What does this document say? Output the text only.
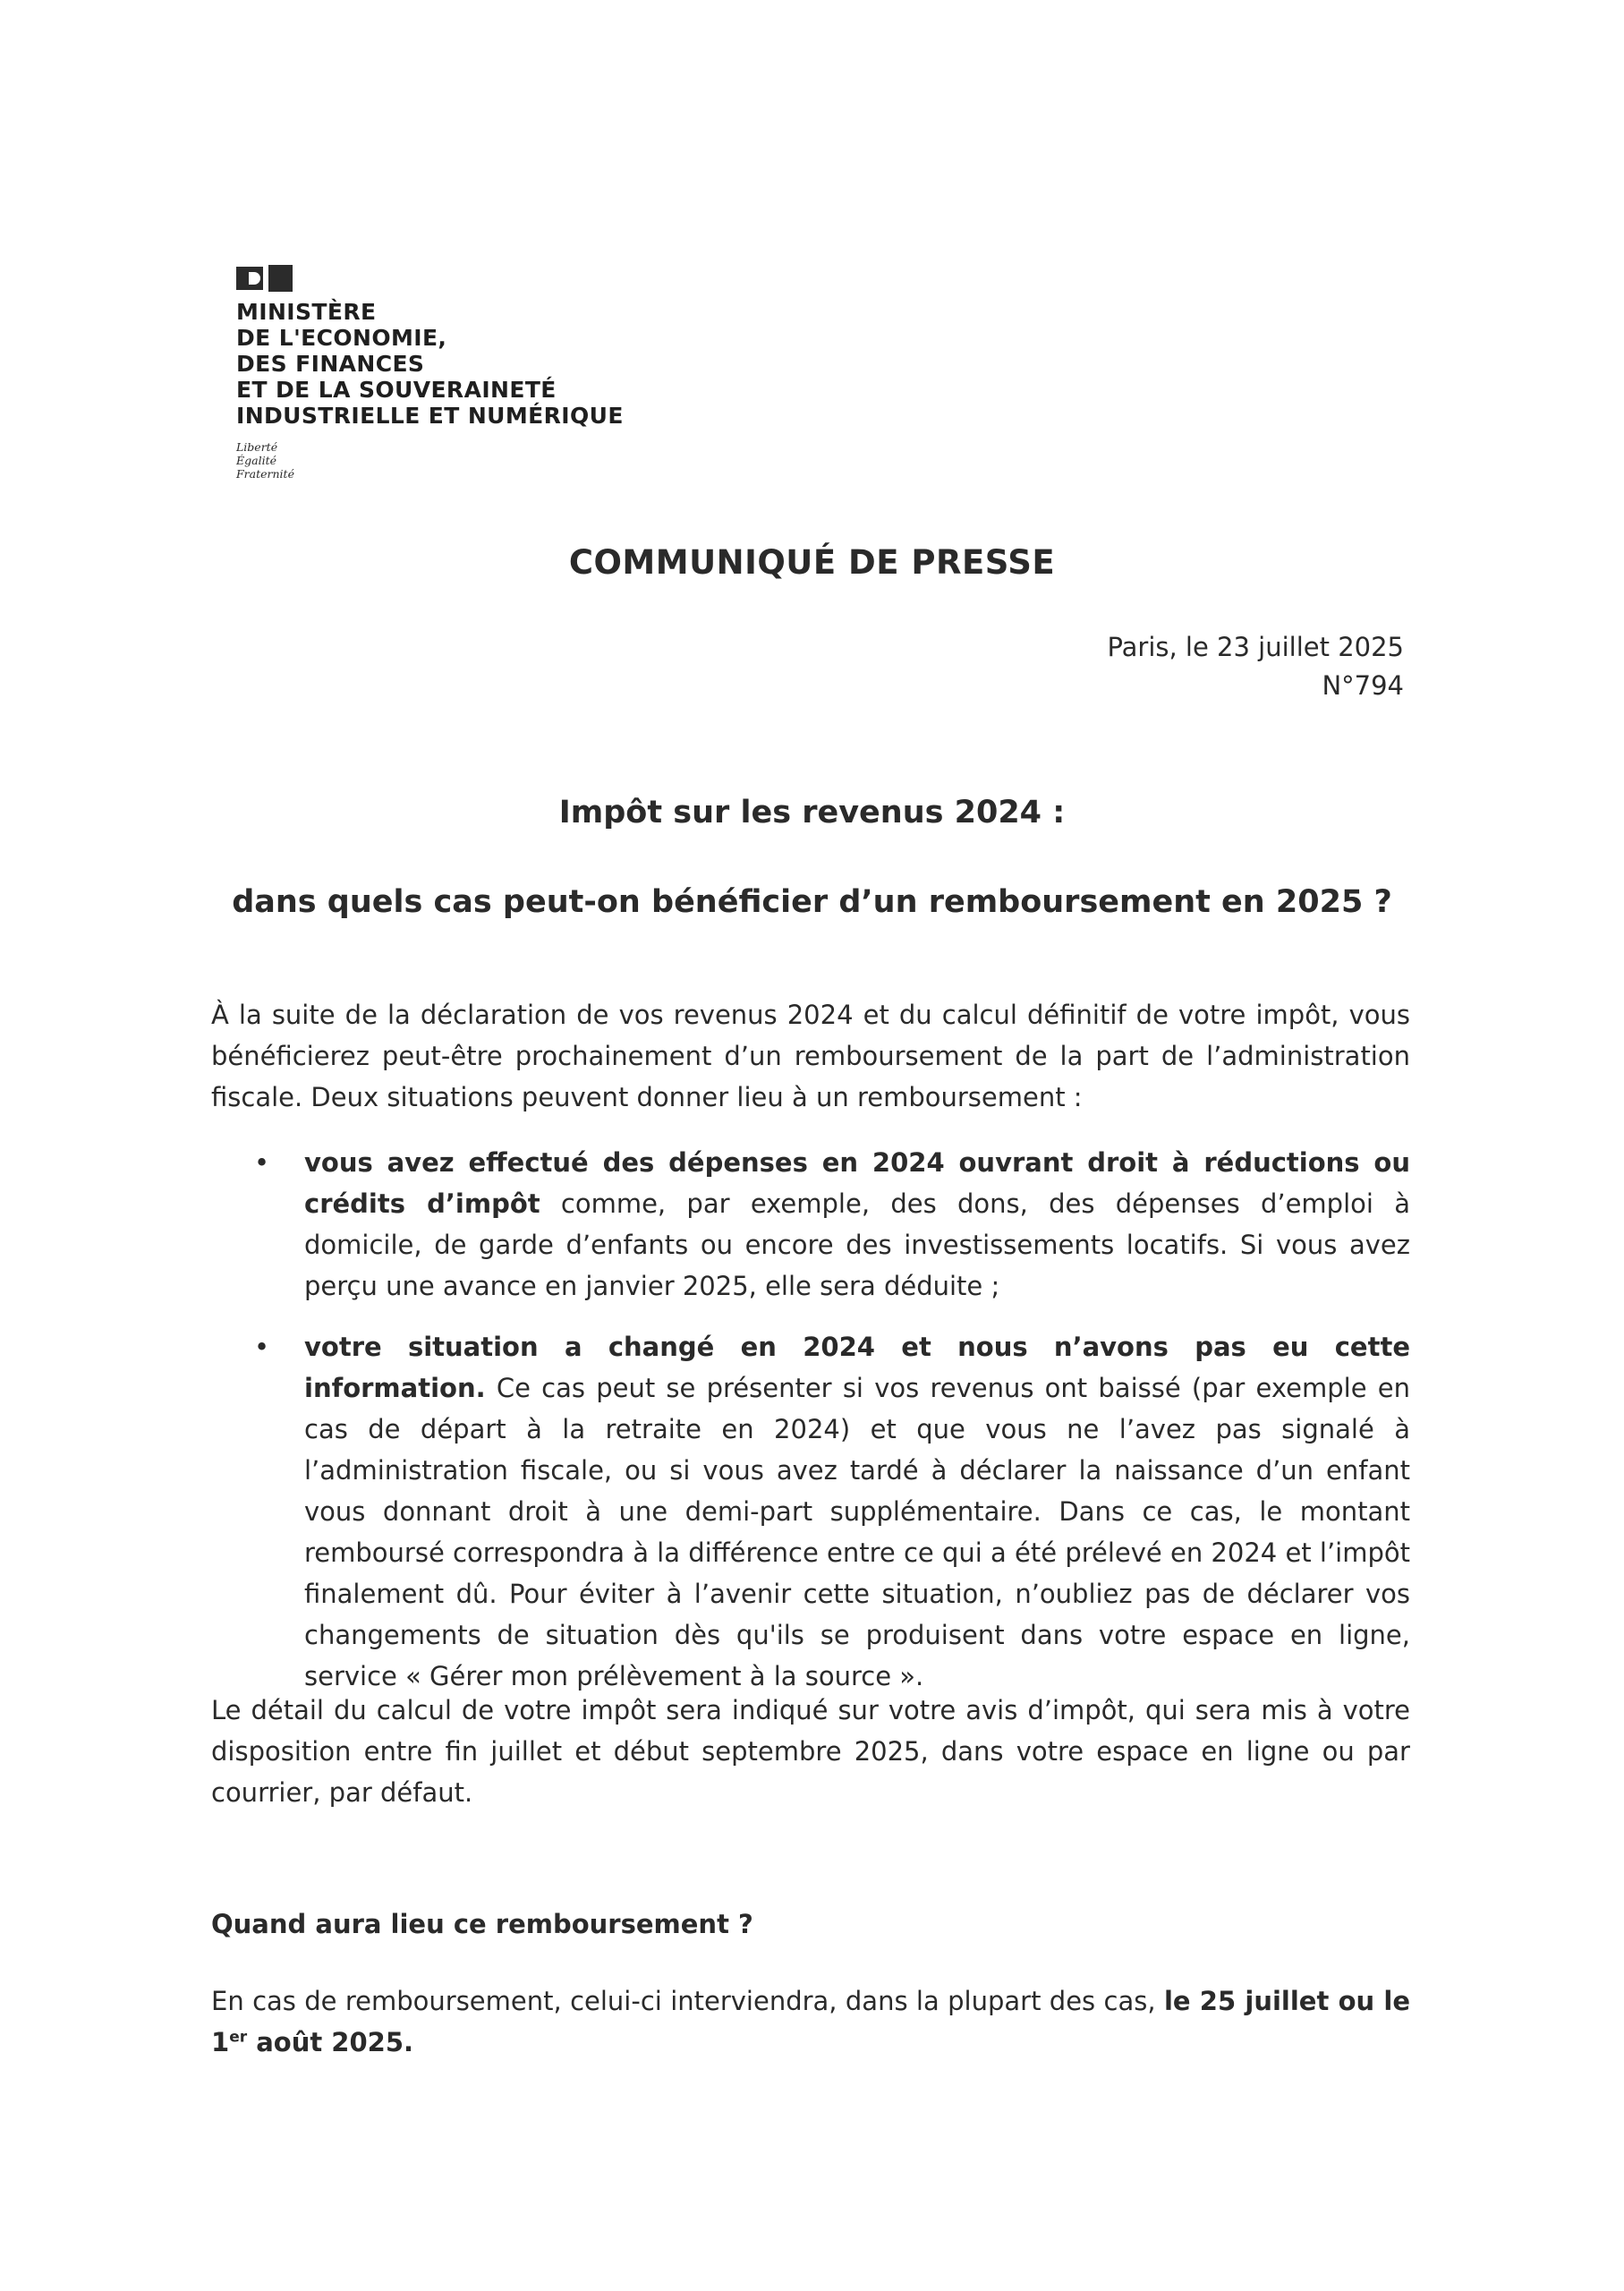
MINISTÈRE
DE L'ECONOMIE,
DES FINANCES
ET DE LA SOUVERAINETÉ
INDUSTRIELLE ET NUMÉRIQUE
Liberté
Égalité
Fraternité
COMMUNIQUÉ DE PRESSE
Paris, le 23 juillet 2025
N°794
Impôt sur les revenus 2024 :
dans quels cas peut-on bénéficier d’un remboursement en 2025 ?
À la suite de la déclaration de vos revenus 2024 et du calcul définitif de votre impôt, vous bénéficierez peut-être prochainement d’un remboursement de la part de l’administration fiscale. Deux situations peuvent donner lieu à un remboursement :
• vous avez effectué des dépenses en 2024 ouvrant droit à réductions ou crédits d’impôt comme, par exemple, des dons, des dépenses d’emploi à domicile, de garde d’enfants ou encore des investissements locatifs. Si vous avez perçu une avance en janvier 2025, elle sera déduite ;
• votre situation a changé en 2024 et nous n’avons pas eu cette information. Ce cas peut se présenter si vos revenus ont baissé (par exemple en cas de départ à la retraite en 2024) et que vous ne l’avez pas signalé à l’administration fiscale, ou si vous avez tardé à déclarer la naissance d’un enfant vous donnant droit à une demi-part supplémentaire. Dans ce cas, le montant remboursé correspondra à la différence entre ce qui a été prélevé en 2024 et l’impôt finalement dû. Pour éviter à l’avenir cette situation, n’oubliez pas de déclarer vos changements de situation dès qu'ils se produisent dans votre espace en ligne, service « Gérer mon prélèvement à la source ».
Le détail du calcul de votre impôt sera indiqué sur votre avis d’impôt, qui sera mis à votre disposition entre fin juillet et début septembre 2025, dans votre espace en ligne ou par courrier, par défaut.
Quand aura lieu ce remboursement ?
En cas de remboursement, celui-ci interviendra, dans la plupart des cas, le 25 juillet ou le 1er août 2025.
